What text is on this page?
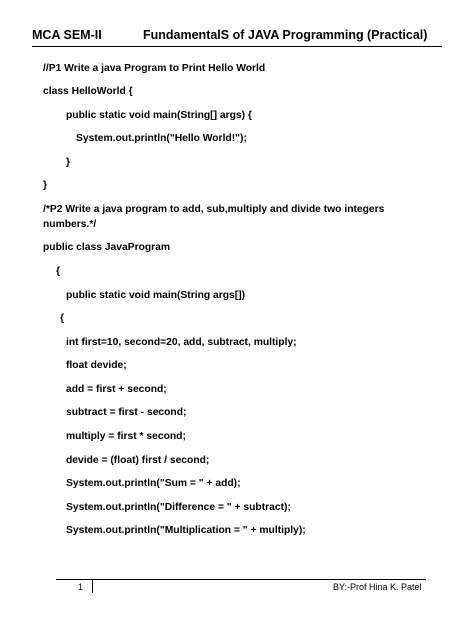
MCA SEM-II	FundamentalS of JAVA Programming (Practical)
//P1 Write a java Program to Print Hello World
class HelloWorld {
public static void main(String[] args) {
System.out.println("Hello World!");
}
}
/*P2 Write a java program to add, sub,multiply and divide two integers
numbers.*/
public class JavaProgram
{
public static void main(String args[])
{
int first=10, second=20, add, subtract, multiply;
float devide;
add = first + second;
subtract = first - second;
multiply = first * second;
devide = (float) first / second;
System.out.println("Sum = " + add);
System.out.println("Difference = " + subtract);
System.out.println("Multiplication = " + multiply);
1	BY:-Prof Hina K. Patel
